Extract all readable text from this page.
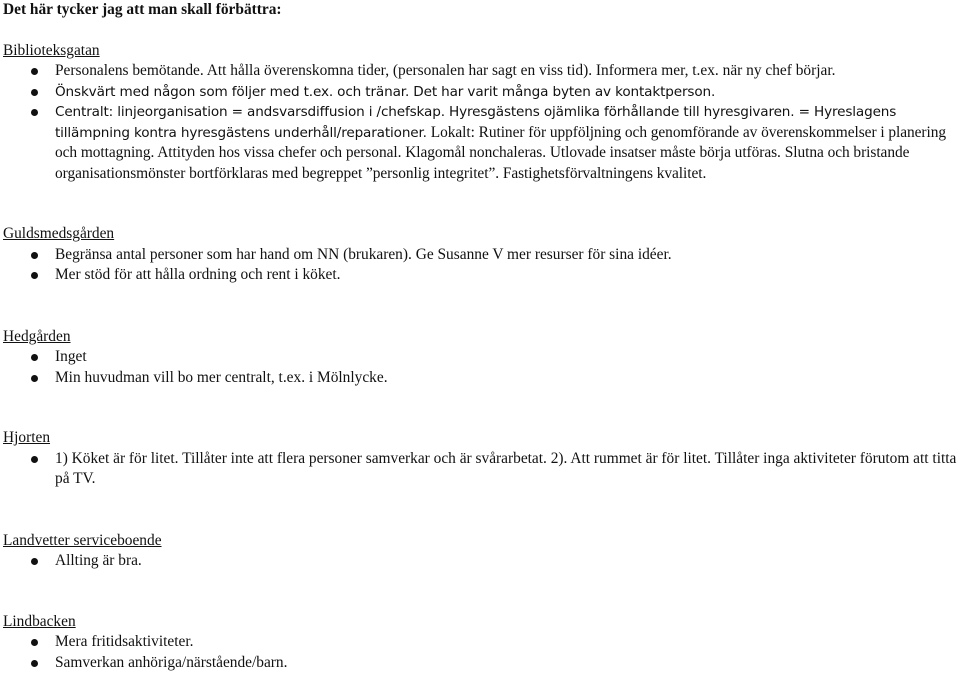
Det här tycker jag att man skall förbättra:
Biblioteksgatan
Personalens bemötande. Att hålla överenskomna tider, (personalen har sagt en viss tid). Informera mer, t.ex. när ny chef börjar.
Önskvärt med någon som följer med t.ex. och tränar. Det har varit många byten av kontaktperson.
Centralt: linjeorganisation = andsvarsdiffusion i /chefskap. Hyresgästens ojämlika förhållande till hyresgivaren. = Hyreslagens tillämpning kontra hyresgästens underhåll/reparationer. Lokalt: Rutiner för uppföljning och genomförande av överenskommelser i planering och mottagning. Attityden hos vissa chefer och personal. Klagomål nonchaleras. Utlovade insatser måste börja utföras. Slutna och bristande organisationsmönster bortförklaras med begreppet ”personlig integritet”. Fastighetsförvaltningens kvalitet.
Guldsmedsgården
Begränsa antal personer som har hand om NN (brukaren). Ge Susanne V mer resurser för sina idéer.
Mer stöd för att hålla ordning och rent i köket.
Hedgården
Inget
Min huvudman vill bo mer centralt, t.ex. i Mölnlycke.
Hjorten
1) Köket är för litet. Tillåter inte att flera personer samverkar och är svårarbetat. 2). Att rummet är för litet. Tillåter inga aktiviteter förutom att titta på TV.
Landvetter serviceboende
Allting är bra.
Lindbacken
Mera fritidsaktiviteter.
Samverkan anhöriga/närstående/barn.
